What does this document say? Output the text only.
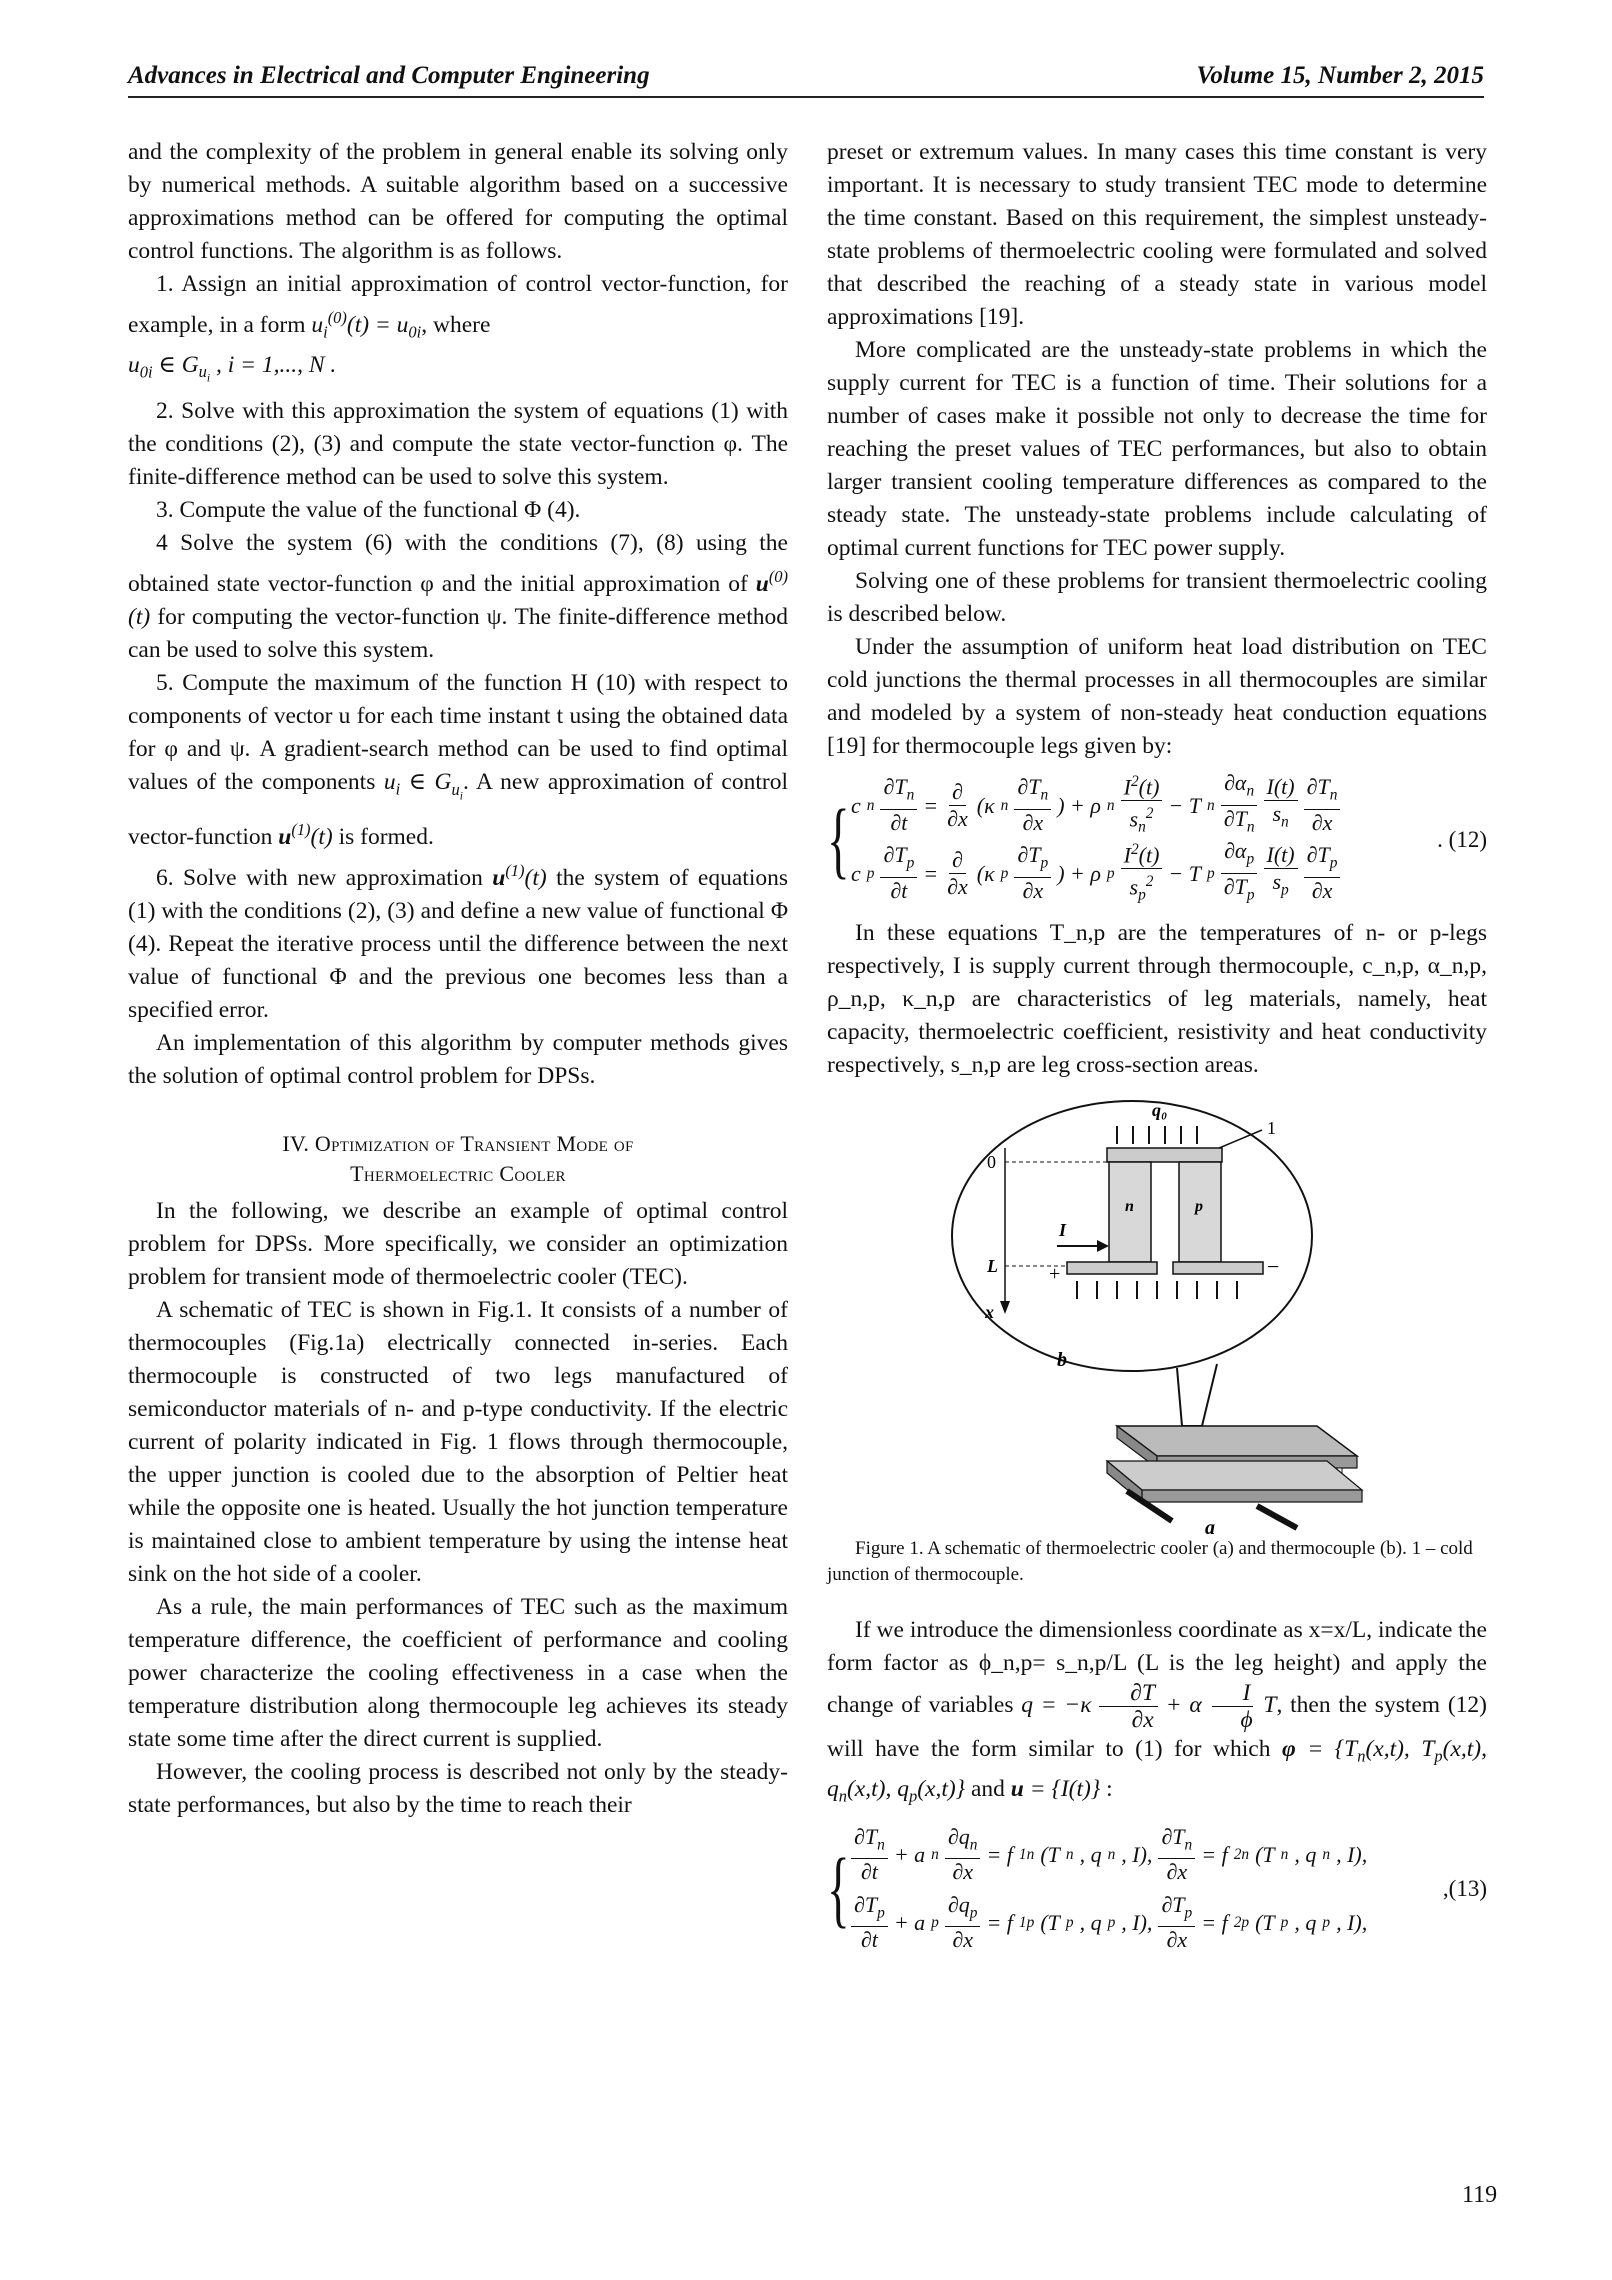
Advances in Electrical and Computer Engineering	Volume 15, Number 2, 2015

and the complexity of the problem in general enable its solving only by numerical methods. A suitable algorithm based on a successive approximations method can be offered for computing the optimal control functions. The algorithm is as follows.

1. Assign an initial approximation of control vector-function, for example, in a form $u_i^{(0)}(t) = u_{0i}$, where

$u_{0i}$ ∈ $G_{u_i}$ , i = 1,..., N .

2. Solve with this approximation the system of equations (1) with the conditions (2), (3) and compute the state vector-function φ. The finite-difference method can be used to solve this system.

3. Compute the value of the functional Φ (4).

4 Solve the system (6) with the conditions (7), (8) using the obtained state vector-function φ and the initial approximation of $u^{(0)}(t)$ for computing the vector-function ψ. The finite-difference method can be used to solve this system.

5. Compute the maximum of the function H (10) with respect to components of vector u for each time instant t using the obtained data for φ and ψ. A gradient-search method can be used to find optimal values of the components $u_i$ ∈ $G_{u_i}$. A new approximation of control vector-function $u^{(1)}(t)$ is formed.

6. Solve with new approximation $u^{(1)}(t)$ the system of equations (1) with the conditions (2), (3) and define a new value of functional Φ (4). Repeat the iterative process until the difference between the next value of functional Φ and the previous one becomes less than a specified error.

An implementation of this algorithm by computer methods gives the solution of optimal control problem for DPSs.

IV. Optimization of Transient Mode of
Thermoelectric Cooler

In the following, we describe an example of optimal control problem for DPSs. More specifically, we consider an optimization problem for transient mode of thermoelectric cooler (TEC).

A schematic of TEC is shown in Fig.1. It consists of a number of thermocouples (Fig.1a) electrically connected in-series. Each thermocouple is constructed of two legs manufactured of semiconductor materials of n- and p-type conductivity. If the electric current of polarity indicated in Fig. 1 flows through thermocouple, the upper junction is cooled due to the absorption of Peltier heat while the opposite one is heated. Usually the hot junction temperature is maintained close to ambient temperature by using the intense heat sink on the hot side of a cooler.

As a rule, the main performances of TEC such as the maximum temperature difference, the coefficient of performance and cooling power characterize the cooling effectiveness in a case when the temperature distribution along thermocouple leg achieves its steady state some time after the direct current is supplied.

However, the cooling process is described not only by the steady-state performances, but also by the time to reach their

preset or extremum values. In many cases this time constant is very important. It is necessary to study transient TEC mode to determine the time constant. Based on this requirement, the simplest unsteady-state problems of thermoelectric cooling were formulated and solved that described the reaching of a steady state in various model approximations [19].

More complicated are the unsteady-state problems in which the supply current for TEC is a function of time. Their solutions for a number of cases make it possible not only to decrease the time for reaching the preset values of TEC performances, but also to obtain larger transient cooling temperature differences as compared to the steady state. The unsteady-state problems include calculating of optimal current functions for TEC power supply.

Solving one of these problems for transient thermoelectric cooling is described below.

Under the assumption of uniform heat load distribution on TEC cold junctions the thermal processes in all thermocouples are similar and modeled by a system of non-steady heat conduction equations [19] for thermocouple legs given by:

{ c n $\frac{\partial T_n}{\partial t} = \frac{\partial}{\partial x} (\kappa$ n $\frac{\partial T_n}{\partial x}$ ) + ρ n $\frac{I^2(t)}{s_n^2} - T$ n $\frac{\partial\alpha_n}{\partial T_n} \frac{I(t)}{s_n} \frac{\partial T_n}{\partial x}$
c p $\frac{\partial T_p}{\partial t} = \frac{\partial}{\partial x} (\kappa$ p $\frac{\partial T_p}{\partial x}$ ) + ρ p $\frac{I^2(t)}{s_p^2} - T$ p $\frac{\partial\alpha_p}{\partial T_p} \frac{I(t)}{s_p} \frac{\partial T_p}{\partial x}$
. (12)

In these equations T_n,p are the temperatures of n- or p-legs respectively, I is supply current through thermocouple, c_n,p, α_n,p, ρ_n,p, κ_n,p are characteristics of leg materials, namely, heat capacity, thermoelectric coefficient, resistivity and heat conductivity respectively, s_n,p are leg cross-section areas.

q₀
1
n	p
−
+
I
0
L
x
b
a

Figure 1. A schematic of thermoelectric cooler (a) and thermocouple (b). 1 – cold junction of thermocouple.

If we introduce the dimensionless coordinate as x=x/L, indicate the form factor as ϕ_n,p= s_n,p/L (L is the leg height) and apply the change of variables $q = -\kappa \frac{\partial T}{\partial x} + \alpha \frac{I}{\phi} T$, then the system (12) will have the form similar to (1) for which $\varphi = \{T_n(x,t)$, $T_p(x,t)$, $q_n(x,t)$, $q_p(x,t)$} and u = {I(t)} :

{ $\frac{\partial T_n}{\partial t} + a$ n $\frac{\partial q_n}{\partial x} = f$ 1n (T n , q n , I), $\frac{\partial T_n}{\partial x} = f$ 2n (T n , q n , I),
$\frac{\partial T_p}{\partial t} + a$ p $\frac{\partial q_p}{\partial x} = f$ 1p (T p , q p , I), $\frac{\partial T_p}{\partial x} = f$ 2p (T p , q p , I),
,(13)
119
